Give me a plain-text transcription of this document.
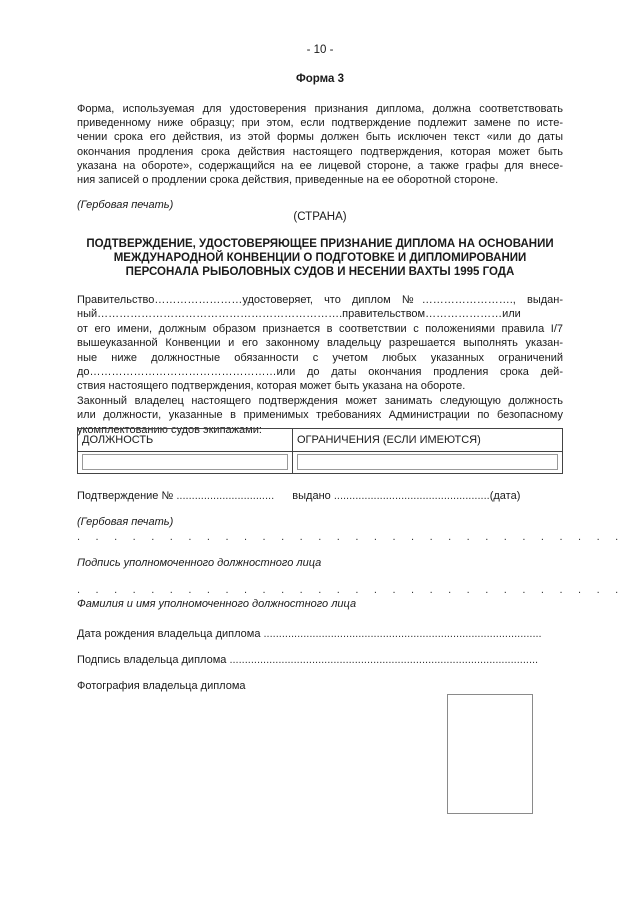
- 10 -
Форма 3
Форма, используемая для удостоверения признания диплома, должна соответствовать
приведенному ниже образцу; при этом, если подтверждение подлежит замене по исте-
чении срока его действия, из этой формы должен быть исключен текст «или до даты
окончания продления срока действия настоящего подтверждения, которая может быть
указана на обороте», содержащийся на ее лицевой стороне, а также графы для внесе-
ния записей о продлении срока действия, приведенные на ее оборотной стороне.
(Гербовая печать)
(СТРАНА)
ПОДТВЕРЖДЕНИЕ, УДОСТОВЕРЯЮЩЕЕ ПРИЗНАНИЕ ДИПЛОМА НА ОСНОВАНИИ
МЕЖДУНАРОДНОЙ КОНВЕНЦИИ О ПОДГОТОВКЕ И ДИПЛОМИРОВАНИИ
ПЕРСОНАЛА РЫБОЛОВНЫХ СУДОВ И НЕСЕНИИ ВАХТЫ 1995 ГОДА
Правительство……………………удостоверяет, что диплом №……………………., выдан-
ный………………………………………………………….правительством…………………или
от его имени, должным образом признается в соответствии с положениями правила I/7
вышеуказанной Конвенции и его законному владельцу разрешается выполнять указан-
ные ниже должностные обязанности с учетом любых указанных ограничений
до……………………………………………или до даты окончания продления срока дей-
ствия настоящего подтверждения, которая может быть указана на обороте.
Законный владелец настоящего подтверждения может занимать следующую должность
или должности, указанные в применимых требованиях Администрации по безопасному
укомплектованию судов экипажами:
ДОЛЖНОСТЬ	ОГРАНИЧЕНИЯ (ЕСЛИ ИМЕЮТСЯ)

Подтверждение № ................................ выдано ...................................................(дата)
(Гербовая печать)
..............................
Подпись уполномоченного должностного лица
..............................
Фамилия и имя уполномоченного должностного лица
Дата рождения владельца диплома ...........................................................................................
Подпись владельца диплома .....................................................................................................
Фотография владельца диплома
